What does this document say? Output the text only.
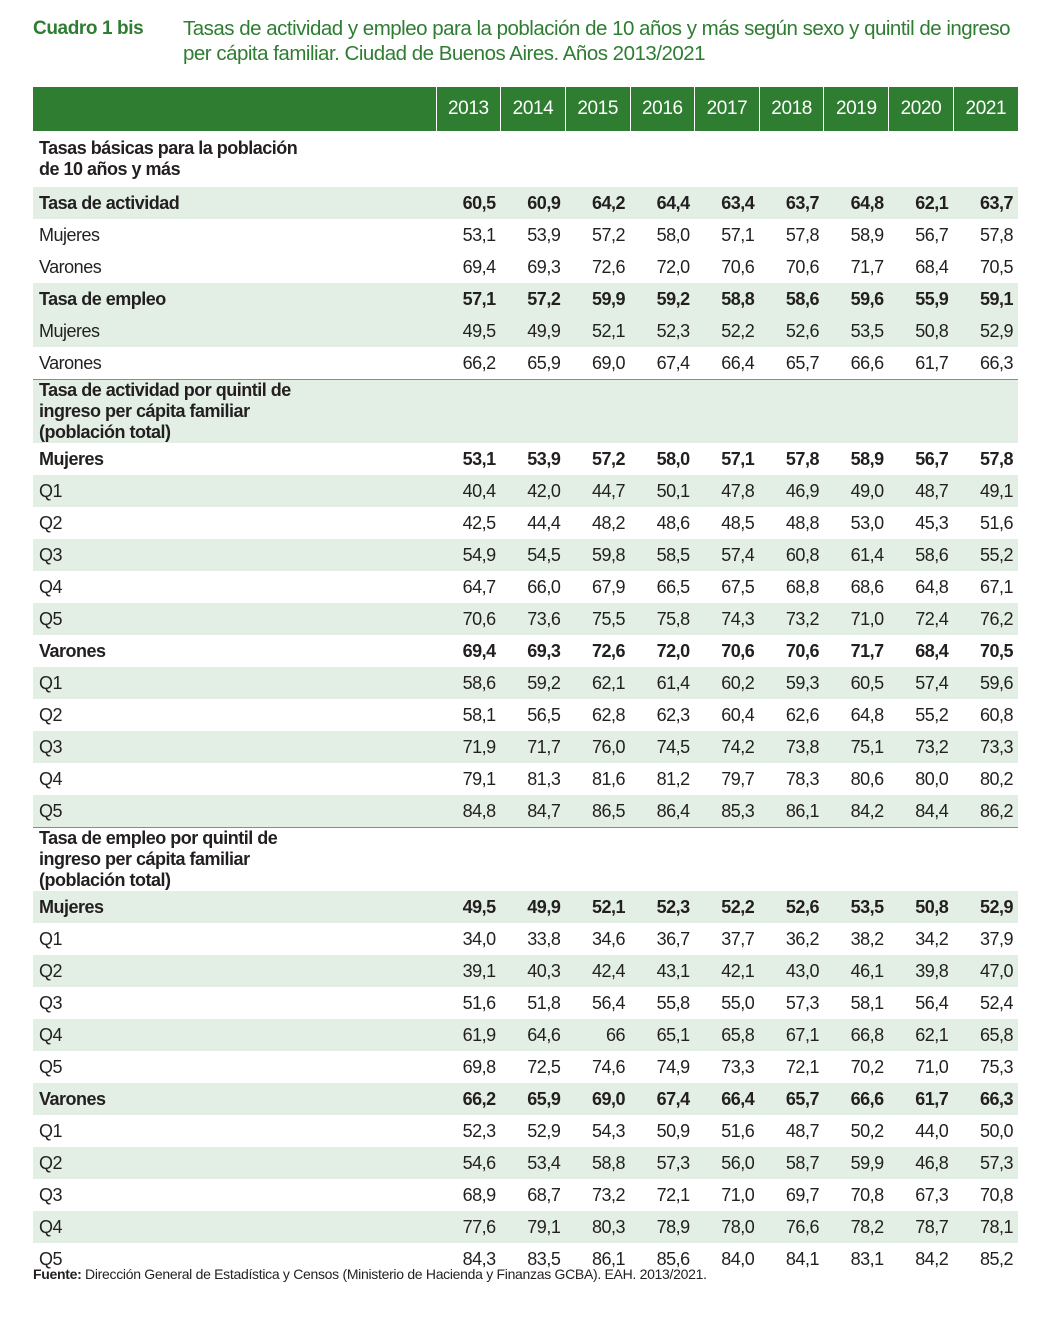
Cuadro 1 bis Tasas de actividad y empleo para la población de 10 años y más según sexo y quintil de ingreso per cápita familiar. Ciudad de Buenos Aires. Años 2013/2021
	2013	2014	2015	2016	2017	2018	2019	2020	2021
Tasas básicas para la población de 10 años y más									
Tasa de actividad	60,5	60,9	64,2	64,4	63,4	63,7	64,8	62,1	63,7
Mujeres	53,1	53,9	57,2	58,0	57,1	57,8	58,9	56,7	57,8
Varones	69,4	69,3	72,6	72,0	70,6	70,6	71,7	68,4	70,5
Tasa de empleo	57,1	57,2	59,9	59,2	58,8	58,6	59,6	55,9	59,1
Mujeres	49,5	49,9	52,1	52,3	52,2	52,6	53,5	50,8	52,9
Varones	66,2	65,9	69,0	67,4	66,4	65,7	66,6	61,7	66,3
Tasa de actividad por quintil de ingreso per cápita familiar (población total)									
Mujeres	53,1	53,9	57,2	58,0	57,1	57,8	58,9	56,7	57,8
Q1	40,4	42,0	44,7	50,1	47,8	46,9	49,0	48,7	49,1
Q2	42,5	44,4	48,2	48,6	48,5	48,8	53,0	45,3	51,6
Q3	54,9	54,5	59,8	58,5	57,4	60,8	61,4	58,6	55,2
Q4	64,7	66,0	67,9	66,5	67,5	68,8	68,6	64,8	67,1
Q5	70,6	73,6	75,5	75,8	74,3	73,2	71,0	72,4	76,2
Varones	69,4	69,3	72,6	72,0	70,6	70,6	71,7	68,4	70,5
Q1	58,6	59,2	62,1	61,4	60,2	59,3	60,5	57,4	59,6
Q2	58,1	56,5	62,8	62,3	60,4	62,6	64,8	55,2	60,8
Q3	71,9	71,7	76,0	74,5	74,2	73,8	75,1	73,2	73,3
Q4	79,1	81,3	81,6	81,2	79,7	78,3	80,6	80,0	80,2
Q5	84,8	84,7	86,5	86,4	85,3	86,1	84,2	84,4	86,2
Tasa de empleo por quintil de ingreso per cápita familiar (población total)									
Mujeres	49,5	49,9	52,1	52,3	52,2	52,6	53,5	50,8	52,9
Q1	34,0	33,8	34,6	36,7	37,7	36,2	38,2	34,2	37,9
Q2	39,1	40,3	42,4	43,1	42,1	43,0	46,1	39,8	47,0
Q3	51,6	51,8	56,4	55,8	55,0	57,3	58,1	56,4	52,4
Q4	61,9	64,6	66	65,1	65,8	67,1	66,8	62,1	65,8
Q5	69,8	72,5	74,6	74,9	73,3	72,1	70,2	71,0	75,3
Varones	66,2	65,9	69,0	67,4	66,4	65,7	66,6	61,7	66,3
Q1	52,3	52,9	54,3	50,9	51,6	48,7	50,2	44,0	50,0
Q2	54,6	53,4	58,8	57,3	56,0	58,7	59,9	46,8	57,3
Q3	68,9	68,7	73,2	72,1	71,0	69,7	70,8	67,3	70,8
Q4	77,6	79,1	80,3	78,9	78,0	76,6	78,2	78,7	78,1
Q5	84,3	83,5	86,1	85,6	84,0	84,1	83,1	84,2	85,2
Fuente: Dirección General de Estadística y Censos (Ministerio de Hacienda y Finanzas GCBA). EAH. 2013/2021.
